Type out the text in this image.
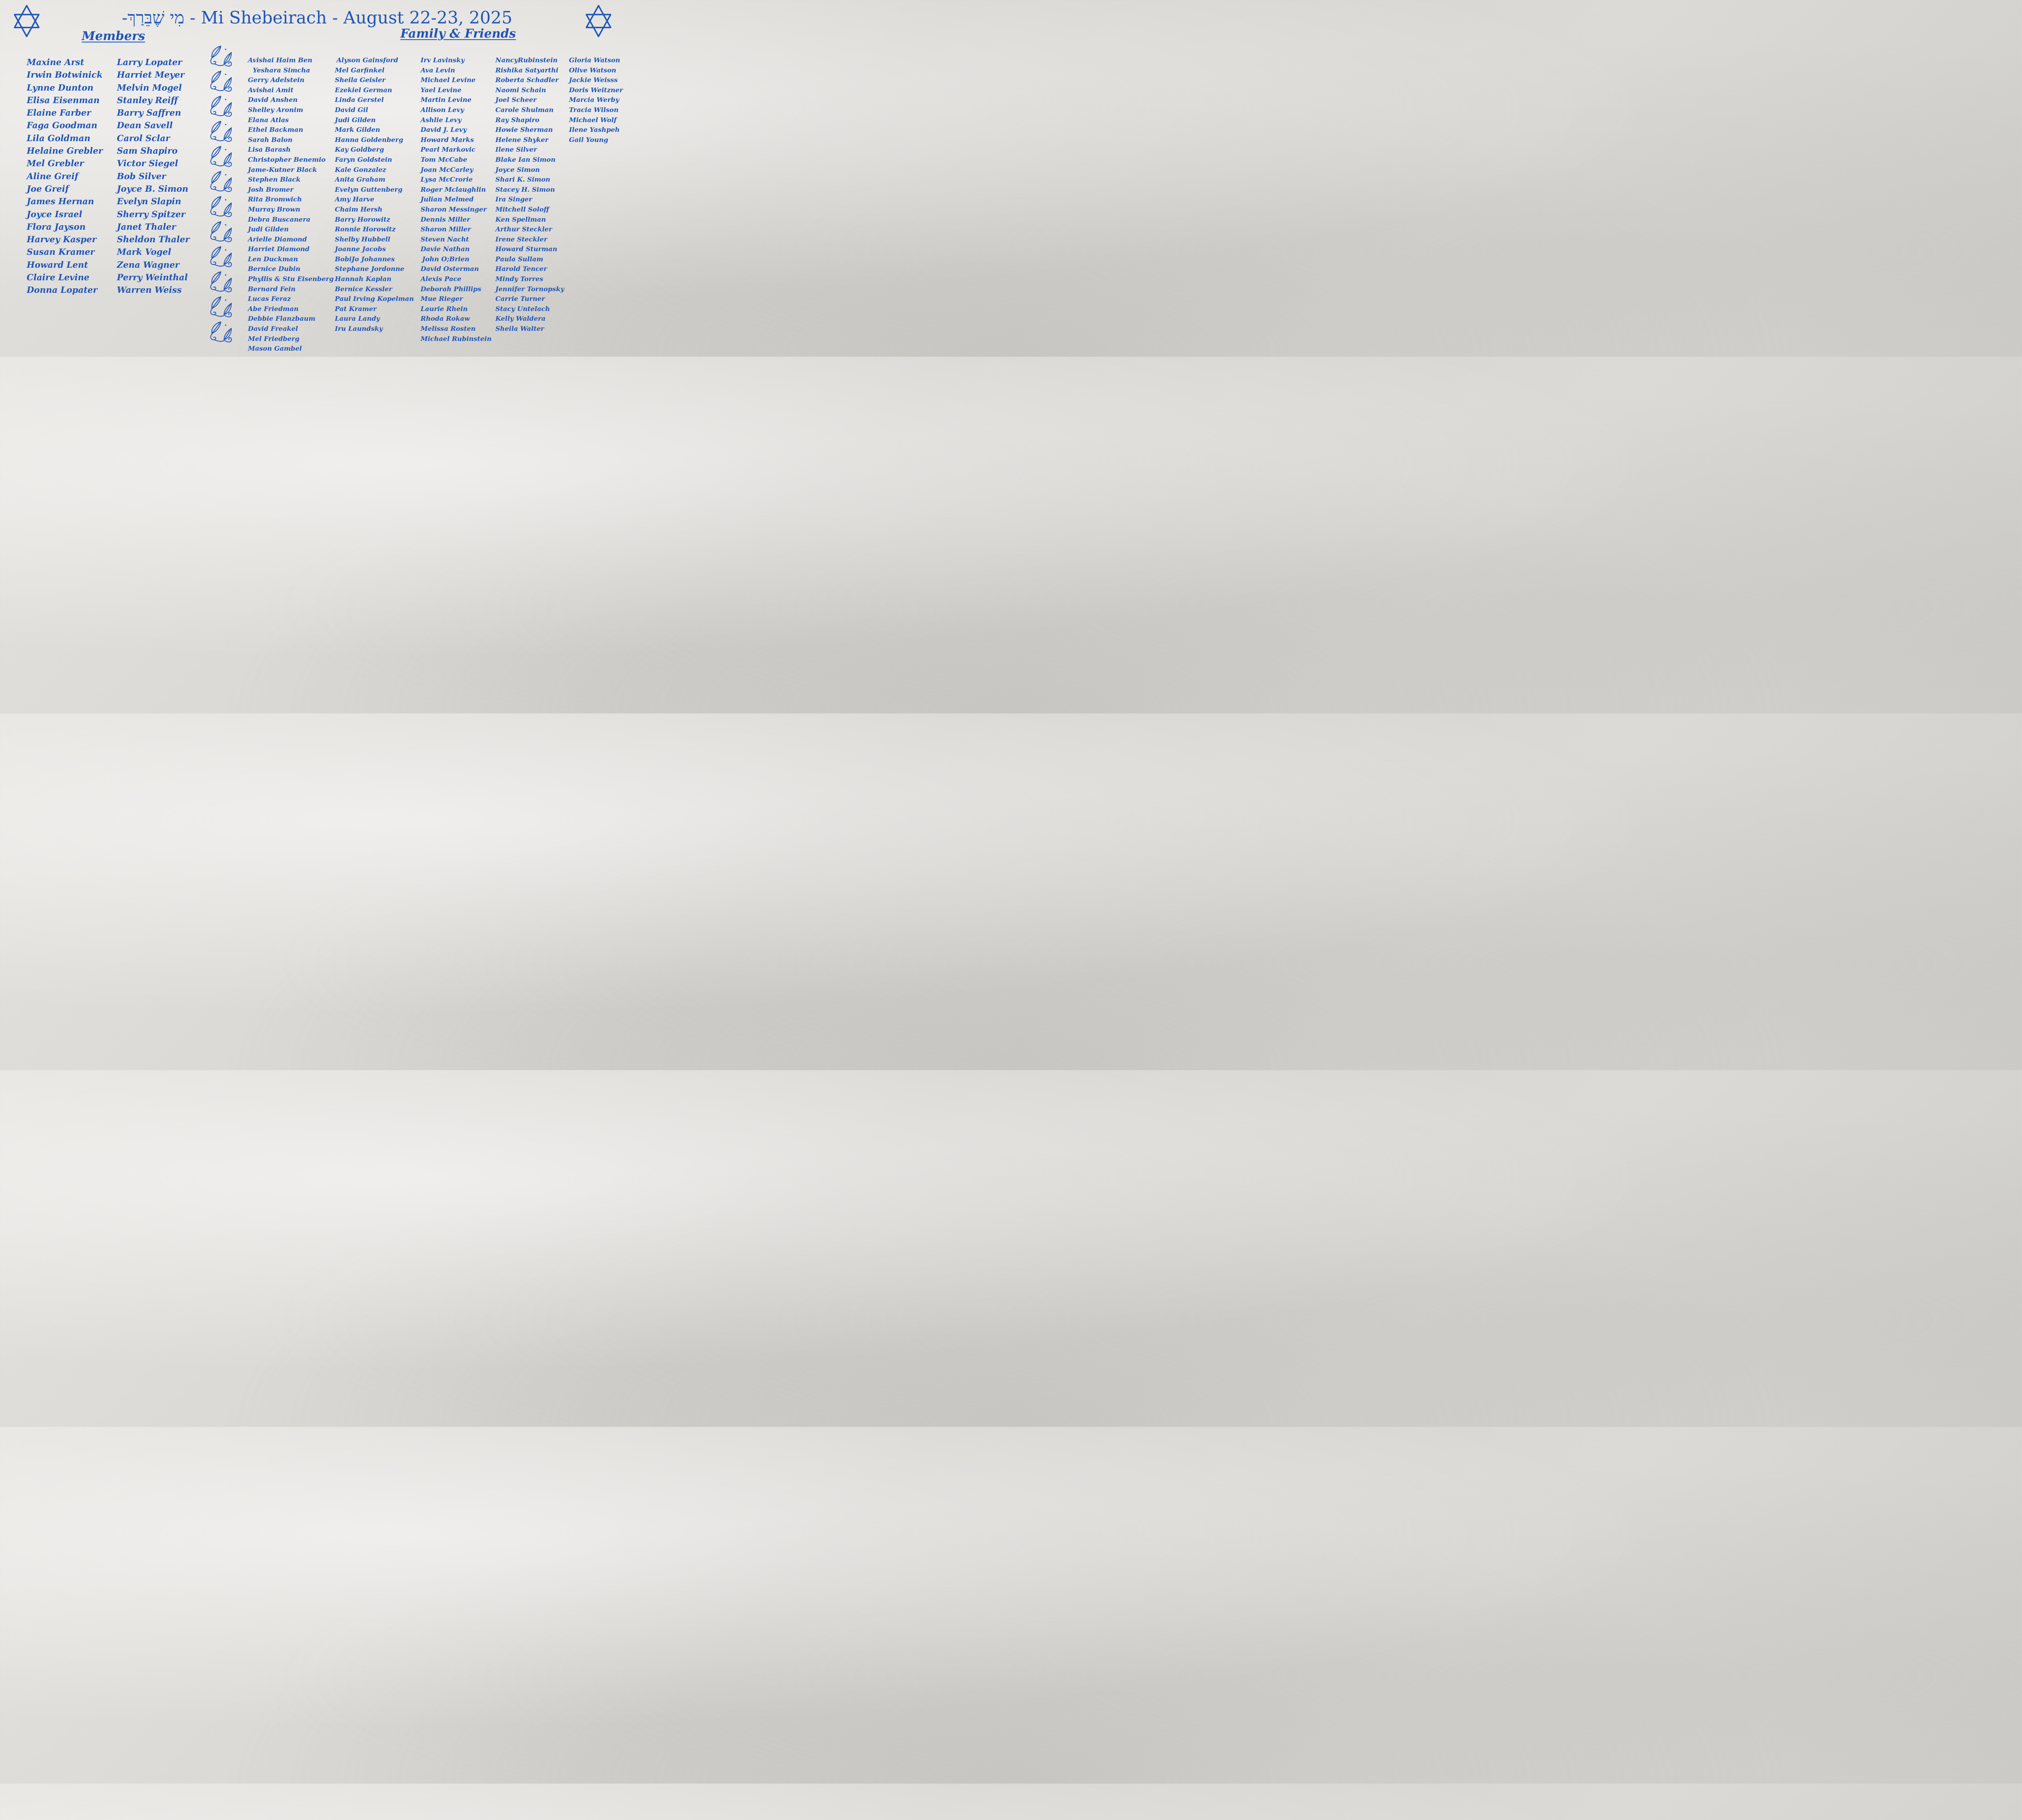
-מִי שֶׁבֵּרַךְ - Mi Shebeirach - August 22-23, 2025
Members	Family & Friends
Maxine Arst
Irwin Botwinick
Lynne Dunton
Elisa Eisenman
Elaine Farber
Faga Goodman
Lila Goldman
Helaine Grebler
Mel Grebler
Aline Greif
Joe Greif
James Hernan
Joyce Israel
Flora Jayson
Harvey Kasper
Susan Kramer
Howard Lent
Claire Levine
Donna Lopater
Larry Lopater
Harriet Meyer
Melvin Mogel
Stanley Reiff
Barry Saffren
Dean Savell
Carol Sclar
Sam Shapiro
Victor Siegel
Bob Silver
Joyce B. Simon
Evelyn Slapin
Sherry Spitzer
Janet Thaler
Sheldon Thaler
Mark Vogel
Zena Wagner
Perry Weinthal
Warren Weiss
Avishai Haim Ben
Yeshara Simcha
Gerry Adelstein
Avishai Amit
David Anshen
Shelley Aronim
Elana Atlas
Ethel Backman
Sarah Balon
Lisa Barash
Christopher Benemio
Jame-Kutner Black
Stephen Black
Josh Bromer
Rita Bromwich
Murray Brown
Debra Buscanera
Judi Gilden
Arielle Diamond
Harriet Diamond
Len Duckman
Bernice Dubin
Phyllis & Stu Eisenberg
Bernard Fein
Lucas Feraz
Abe Friedman
Debbie Flanzbaum
David Freakel
Mel Friedberg
Mason Gambel
Alyson Gainsford
Mel Garfinkel
Sheila Geisler
Ezekiel German
Linda Gerstel
David Gil
Judi Gilden
Mark Gilden
Hanna Goldenberg
Kay Goldberg
Faryn Goldstein
Kale Gonzalez
Anita Graham
Evelyn Guttenberg
Amy Harve
Chaim Hersh
Barry Horowitz
Ronnie Horowitz
Shelby Hubbell
Joanne Jacobs
BobiJo Johannes
Stephane Jordonne
Hannah Kaplan
Bernice Kessler
Paul Irving Kopelman
Pat Kramer
Laura Landy
Iru Laundsky
Irv Lavinsky
Ava Levin
Michael Levine
Yael Levine
Martin Levine
Allison Levy
Ashlie Levy
David J. Levy
Howard Marks
Pearl Markovic
Tom McCabe
Joan McCarley
Lysa McCrorie
Roger Mclaughlin
Julian Melmed
Sharon Messinger
Dennis Miller
Sharon Miller
Steven Nacht
Davie Nathan
John O;Brien
David Osterman
Alexis Pace
Deborah Phillips
Mue Rieger
Laurie Rhein
Rhoda Rokaw
Melissa Rosten
Michael Rubinstein
NancyRubinstein
Rishika Satyarthi
Roberta Schadler
Naomi Schain
Joel Scheer
Carole Shulman
Ray Shapiro
Howie Sherman
Helene Shyker
Ilene Silver
Blake Ian Simon
Joyce Simon
Shari K. Simon
Stacey H. Simon
Ira Singer
Mitchell Soloff
Ken Spellman
Arthur Steckler
Irene Steckler
Howard Sturman
Paula Sullam
Harold Tencer
Mindy Torres
Jennifer Tornopsky
Carrie Turner
Stacy Untelach
Kelly Waldera
Sheila Walter
Gloria Watson
Olive Watson
Jackie Weisss
Doris Weitzner
Marcia Werby
Tracia Wilson
Michael Wolf
Ilene Yashpeh
Gail Young
